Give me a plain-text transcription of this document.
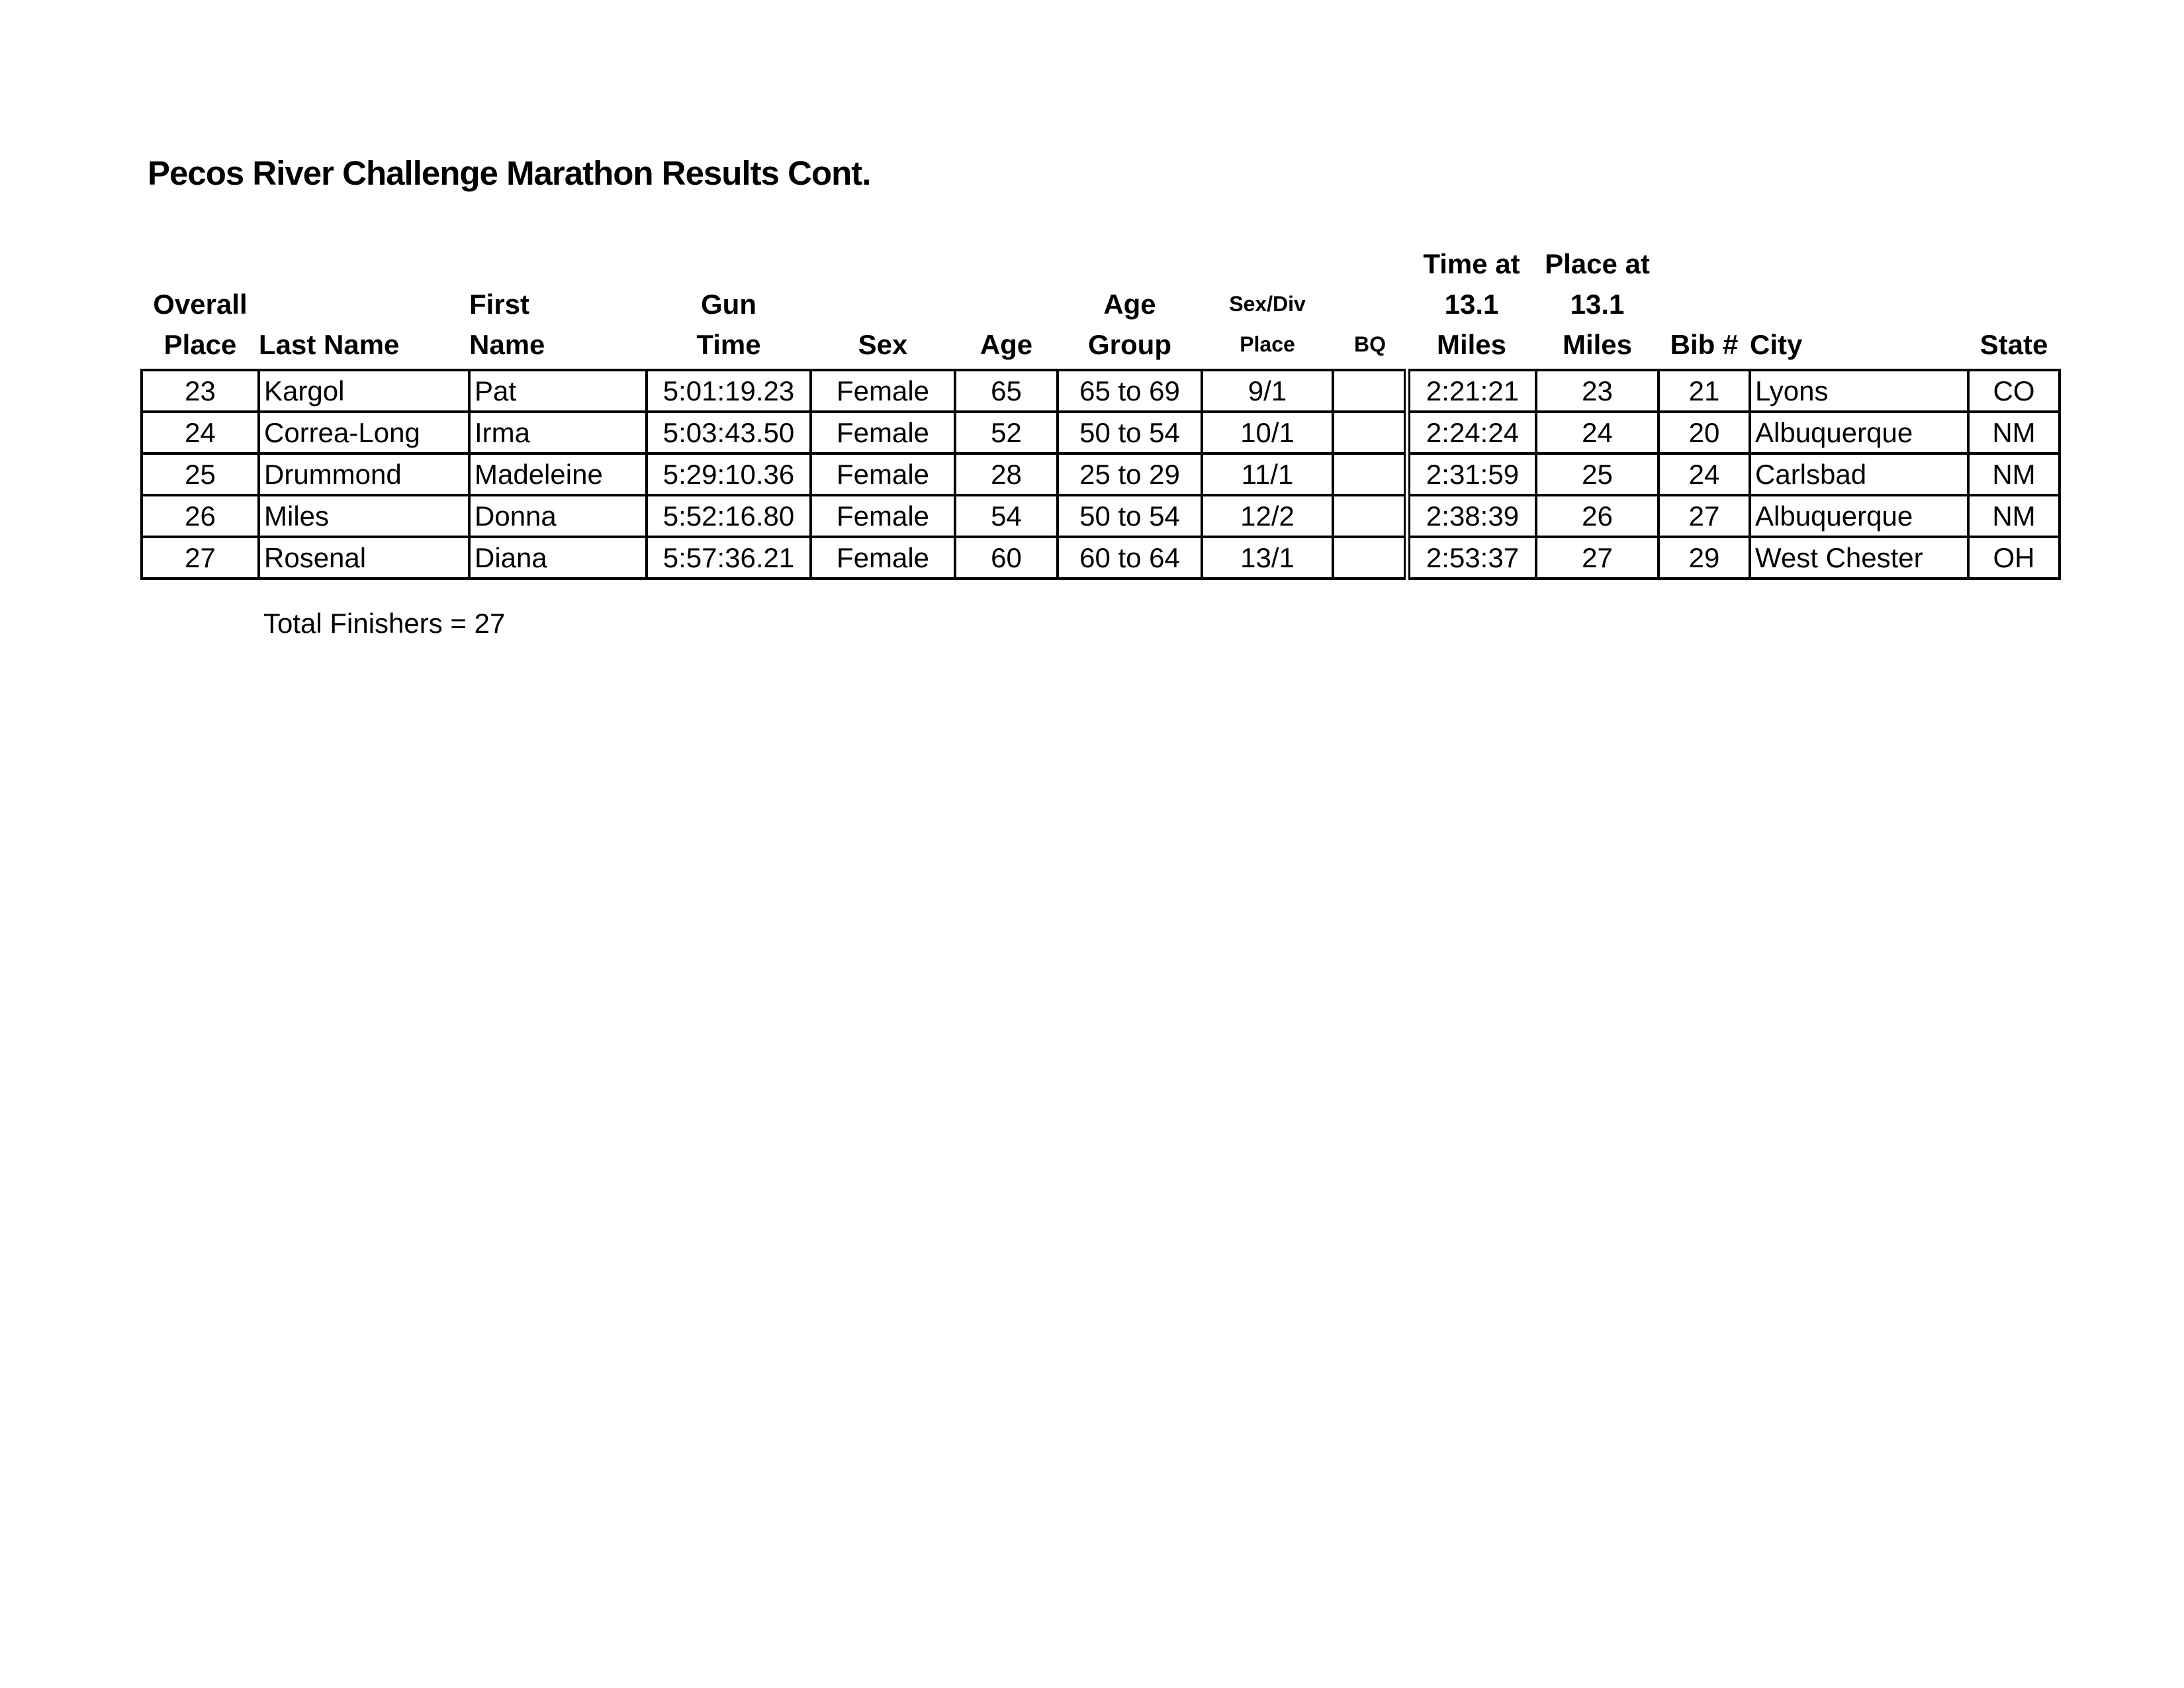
Pecos River Challenge Marathon Results Cont.
Overall
Place	Last Name	First
Name	Gun
Time	Sex	Age	Age
Group	Sex/Div
Place	BQ	Time at
13.1
Miles	Place at
13.1
Miles	Bib #	City	State

23	Kargol	Pat	5:01:19.23	Female	65	65 to 69	9/1		2:21:21	23	21	Lyons	CO
24	Correa-Long	Irma	5:03:43.50	Female	52	50 to 54	10/1		2:24:24	24	20	Albuquerque	NM
25	Drummond	Madeleine	5:29:10.36	Female	28	25 to 29	11/1		2:31:59	25	24	Carlsbad	NM
26	Miles	Donna	5:52:16.80	Female	54	50 to 54	12/2		2:38:39	26	27	Albuquerque	NM
27	Rosenal	Diana	5:57:36.21	Female	60	60 to 64	13/1		2:53:37	27	29	West Chester	OH
Total Finishers = 27
